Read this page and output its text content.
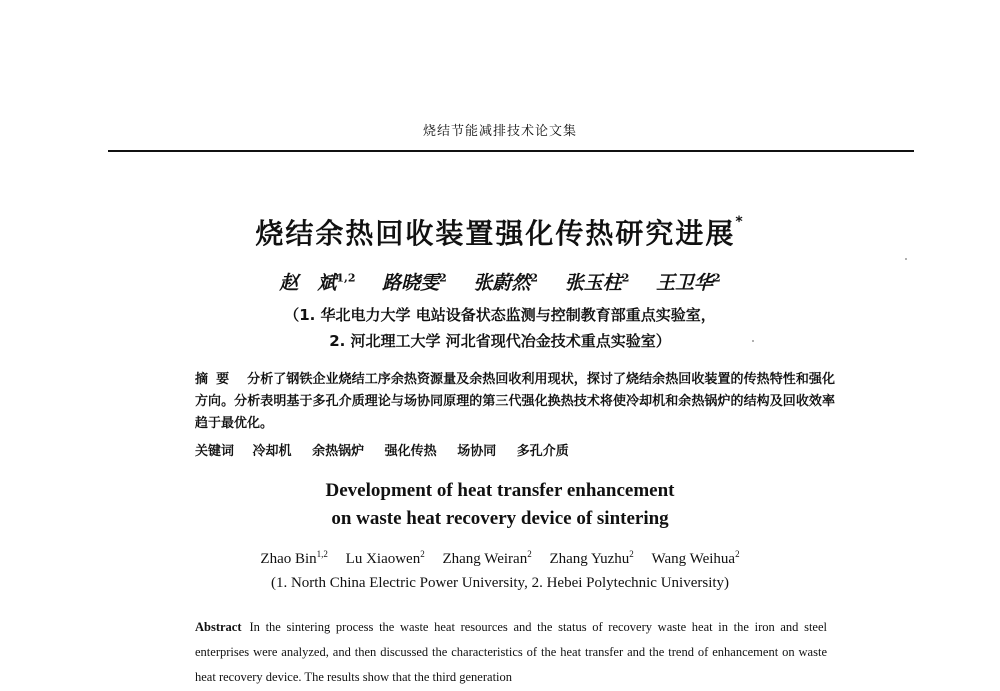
烧结节能减排技术论文集
烧结余热回收装置强化传热研究进展*
赵　斌$^{1,2}$ 路晓雯$^2$ 张蔚然$^2$ 张玉柱$^2$ 王卫华$^2$
（1. 华北电力大学 电站设备状态监测与控制教育部重点实验室，
2. 河北理工大学 河北省现代冶金技术重点实验室）
摘要 分析了钢铁企业烧结工序余热资源量及余热回收利用现状，探讨了烧结余热回收装置的传热特性和强化方向。分析表明基于多孔介质理论与场协同原理的第三代强化换热技术将使冷却机和余热锅炉的结构及回收效率趋于最优化。
关键词 冷却机 余热锅炉 强化传热 场协同 多孔介质
Development of heat transfer enhancement
on waste heat recovery device of sintering
Zhao Bin$^{1,2}$ Lu Xiaowen$^2$ Zhang Weiran$^2$ Zhang Yuzhu$^2$ Wang Weihua$^2$
(1. North China Electric Power University, 2. Hebei Polytechnic University)
Abstract In the sintering process the waste heat resources and the status of recovery waste heat in the iron and steel enterprises were analyzed, and then discussed the characteristics of the heat transfer and the trend of enhancement on waste heat recovery device. The results show that the third generation
